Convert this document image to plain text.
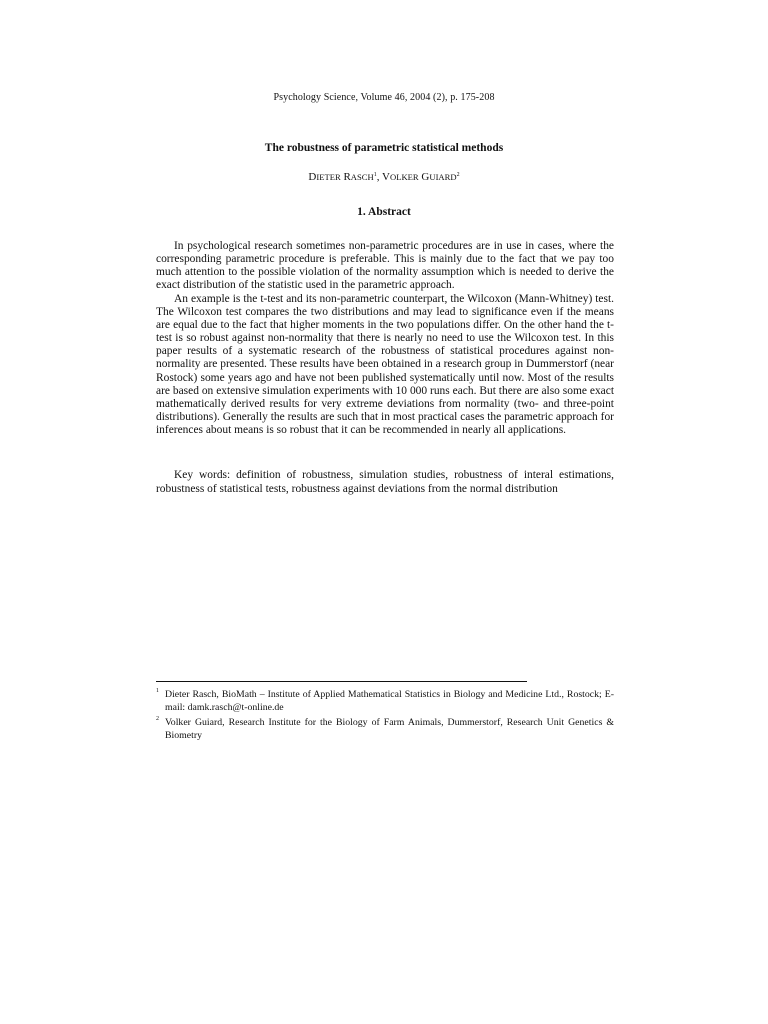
Psychology Science, Volume 46, 2004 (2), p. 175-208
The robustness of parametric statistical methods
DIETER RASCH$^1$, VOLKER GUIARD$^2$
1. Abstract

In psychological research sometimes non-parametric procedures are in use in cases, where the corresponding parametric procedure is preferable. This is mainly due to the fact that we pay too much attention to the possible violation of the normality assumption which is needed to derive the exact distribution of the statistic used in the parametric approach.

An example is the t-test and its non-parametric counterpart, the Wilcoxon (Mann-Whitney) test. The Wilcoxon test compares the two distributions and may lead to significance even if the means are equal due to the fact that higher moments in the two populations differ. On the other hand the t-test is so robust against non-normality that there is nearly no need to use the Wilcoxon test. In this paper results of a systematic research of the robustness of statistical procedures against non-normality are presented. These results have been obtained in a research group in Dummerstorf (near Rostock) some years ago and have not been published systematically until now. Most of the results are based on extensive simulation experiments with 10 000 runs each. But there are also some exact mathematically derived results for very extreme deviations from normality (two- and three-point distributions). Generally the results are such that in most practical cases the parametric approach for inferences about means is so robust that it can be recommended in nearly all applications.

Key words: definition of robustness, simulation studies, robustness of interal estimations, robustness of statistical tests, robustness against deviations from the normal distribution

1 Dieter Rasch, BioMath – Institute of Applied Mathematical Statistics in Biology and Medicine Ltd., Rostock; E-mail: damk.rasch@t-online.de
2 Volker Guiard, Research Institute for the Biology of Farm Animals, Dummerstorf, Research Unit Genetics & Biometry
